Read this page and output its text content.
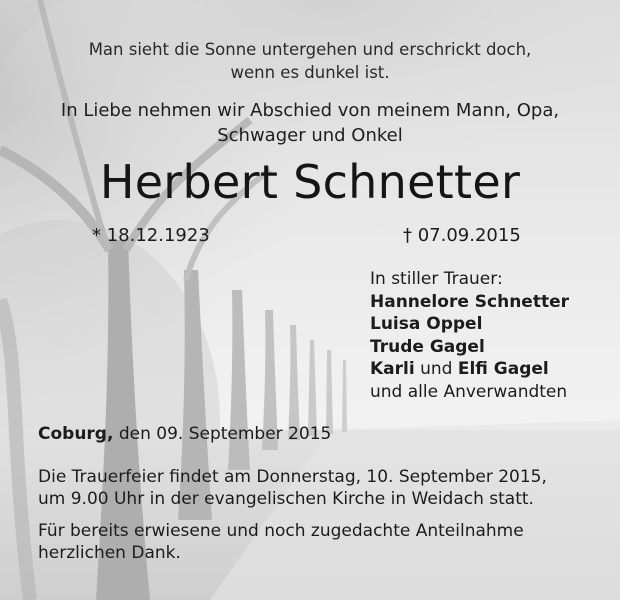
Man sieht die Sonne untergehen und erschrickt doch,
wenn es dunkel ist.
In Liebe nehmen wir Abschied von meinem Mann, Opa,
Schwager und Onkel
Herbert Schnetter
* 18.12.1923	† 07.09.2015
In stiller Trauer:
Hannelore Schnetter
Luisa Oppel
Trude Gagel
Karli und Elfi Gagel
und alle Anverwandten
Coburg, den 09. September 2015
Die Trauerfeier findet am Donnerstag, 10. September 2015,
um 9.00 Uhr in der evangelischen Kirche in Weidach statt.
Für bereits erwiesene und noch zugedachte Anteilnahme
herzlichen Dank.
